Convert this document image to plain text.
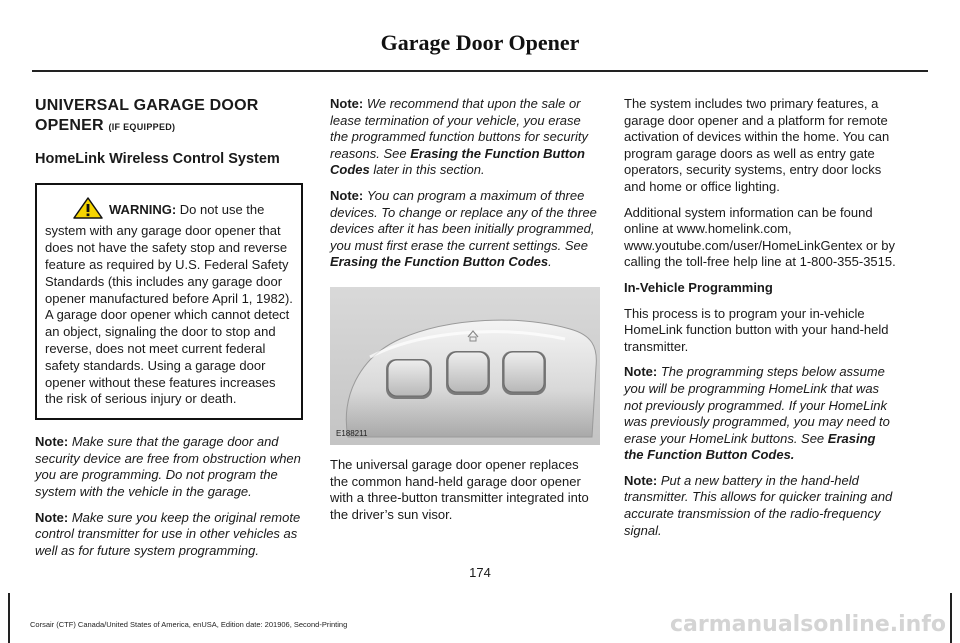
Garage Door Opener
UNIVERSAL GARAGE DOOR
OPENER (IF EQUIPPED)
HomeLink Wireless Control System
WARNING: Do not use the system with any garage door opener that does not have the safety stop and reverse feature as required by U.S. Federal Safety Standards (this includes any garage door opener manufactured before April 1, 1982). A garage door opener which cannot detect an object, signaling the door to stop and reverse, does not meet current federal safety standards. Using a garage door opener without these features increases the risk of serious injury or death.

Note: Make sure that the garage door and security device are free from obstruction when you are programming. Do not program the system with the vehicle in the garage.

Note: Make sure you keep the original remote control transmitter for use in other vehicles as well as for future system programming.

Note: We recommend that upon the sale or lease termination of your vehicle, you erase the programmed function buttons for security reasons. See Erasing the Function Button Codes later in this section.

Note: You can program a maximum of three devices. To change or replace any of the three devices after it has been initially programmed, you must first erase the current settings. See Erasing the Function Button Codes.

E188211

The universal garage door opener replaces the common hand-held garage door opener with a three-button transmitter integrated into the driver’s sun visor.

The system includes two primary features, a garage door opener and a platform for remote activation of devices within the home. You can program garage doors as well as entry gate operators, security systems, entry door locks and home or office lighting.

Additional system information can be found online at www.homelink.com, www.youtube.com/user/HomeLinkGentex or by calling the toll-free help line at 1-800-355-3515.

In-Vehicle Programming

This process is to program your in-vehicle HomeLink function button with your hand-held transmitter.

Note: The programming steps below assume you will be programming HomeLink that was not previously programmed. If your HomeLink was previously programmed, you may need to erase your HomeLink buttons. See Erasing the Function Button Codes.

Note: Put a new battery in the hand-held transmitter. This allows for quicker training and accurate transmission of the radio-frequency signal.

174
Corsair (CTF) Canada/United States of America, enUSA, Edition date: 201906, Second-Printing	carmanualsonline.info
